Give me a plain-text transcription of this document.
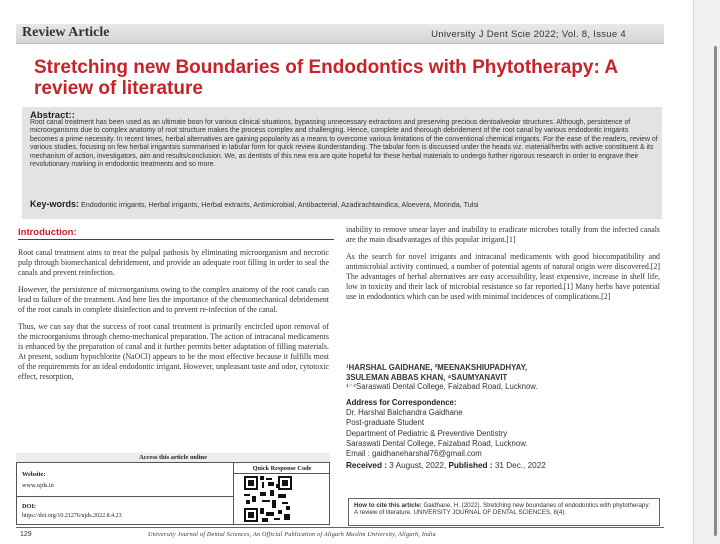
Review Article	University J Dent Scie 2022; Vol. 8, Issue 4
Stretching new Boundaries of Endodontics with Phytotherapy: A review of literature
Abstract::
Root canal treatment has been used as an ultimate boon for various clinical situations, bypassing unnecessary extractions and preserving precious dentoalveolar structures. Although, persistence of microorganisms due to complex anatomy of root structure makes the process complex and challenging. Hence, complete and thorough debridement of the root canal by various endodontic irrigants becomes a prime necessity. In recent times, herbal alternatives are gaining popularity as a means to overcome various limitations of the conventional chemical irrigants. For the ease of the readers, review of various studies, focusing on few herbal irrigantsis summarised in tabular form for quick review &understanding. The tabular form is discussed under the heads viz. material/herbs with active constituent & its mechanism of action, investigators, aim and results/conclusion. We, as dentists of this new era are quite hopeful for these herbal materials to undergo further rigorous research in order to engrave their revolutionary marking in endodontic treatments and so more.
Key-words: Endodontic irrigants, Herbal irrigants, Herbal extracts, Antimicrobial, Antibacterial, Azadirachtaindica, Aloevera, Morinda, Tulsi
Introduction:

Root canal treatment aims to treat the pulpal pathosis by eliminating microorganism and necrotic pulp through biomechanical debridement, and provide an adequate root filling in order to seal the canals and prevent reinfection.

However, the persistence of microorganisms owing to the complex anatomy of the root canals can lead to failure of the treatment. And here lies the importance of the chemomechanical debridement of the root canals in complete disinfection and to prevent re-infection of the canal.

Thus, we can say that the success of root canal treatment is primarily encircled upon removal of the microorganisms through chemo-mechanical preparation. The action of intracanal medicaments is enhanced by the preparation of canal and it further permits better adaptation of filling materials. At present, sodium hypochlorite (NaOCl) appears to be the most effective because it fulfills most of the requirements for an ideal endodontic irrigant. However, unpleasant taste and odor, cytotoxic effect, resorption,

inability to remove smear layer and inability to eradicate microbes totally from the infected canals are the main disadvantages of this popular irrigant.[1]

As the search for novel irrigants and intracanal medicaments with good biocompatibility and antimicrobial activity continued, a number of potential agents of natural origin were discovered.[2] The advantages of herbal alternatives are easy accessibility, least expensive, increase in shelf life, low in toxicity and their lack of microbial resistance so far reported.[1] Many herbs have potential use in endodontics which can be used with minimal incidences of complications.[2]

¹HARSHAL GAIDHANE, ²MEENAKSHIUPADHYAY,
3SULEMAN ABBAS KHAN, ⁴SAUMYANAVIT
¹⁻⁴Saraswati Dental College, Faizabad Road, Lucknow.
Address for Correspondence:
Dr. Harshal Balchandra Gaidhane
Post-graduate Student
Department of Pediatric & Preventive Dentistry
Saraswati Dental College, Faizabad Road, Lucknow.
Email : gaidhaneharshal76@gmail.com
Received : 3 August, 2022, Published : 31 Dec., 2022
How to cite this article: Gaidhane, H. (2022). Stretching new boundaries of endodontics with phytotherapy: A review of literature. UNIVERSITY JOURNAL OF DENTAL SCIENCES, 8(4).
Access this article online
Website:
www.ujds.in
DOI:
https://doi.org/10.21276/ujds.2022.8.4.23
Quick Response Code
129	University Journal of Dental Sciences, An Official Publication of Aligarh Muslim University, Aligarh, India
